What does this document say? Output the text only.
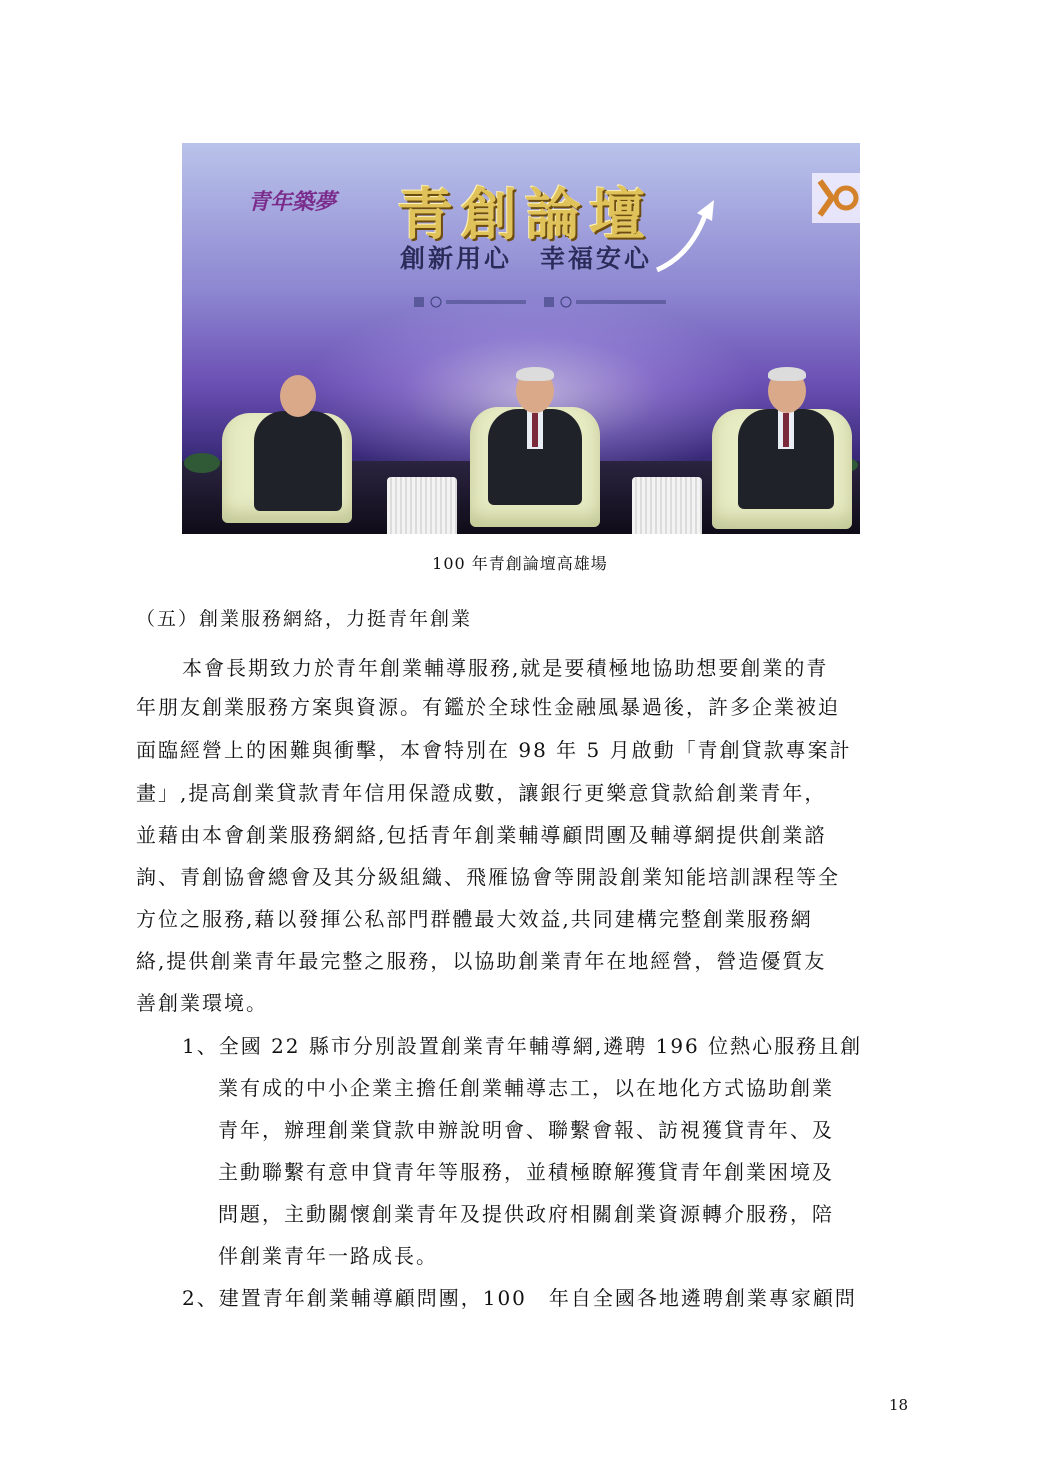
青年築夢 青創論壇
創新用心　幸福安心
100 年青創論壇高雄場
（五）創業服務網絡，力挺青年創業
本會長期致力於青年創業輔導服務,就是要積極地協助想要創業的青
年朋友創業服務方案與資源。有鑑於全球性金融風暴過後，許多企業被迫
面臨經營上的困難與衝擊，本會特別在 98 年 5 月啟動「青創貸款專案計
畫」,提高創業貸款青年信用保證成數，讓銀行更樂意貸款給創業青年，
並藉由本會創業服務網絡,包括青年創業輔導顧問團及輔導網提供創業諮
詢、青創協會總會及其分級組織、飛雁協會等開設創業知能培訓課程等全
方位之服務,藉以發揮公私部門群體最大效益,共同建構完整創業服務網
絡,提供創業青年最完整之服務，以協助創業青年在地經營，營造優質友
善創業環境。
1、全國 22 縣市分別設置創業青年輔導網,遴聘 196 位熱心服務且創
業有成的中小企業主擔任創業輔導志工，以在地化方式協助創業
青年，辦理創業貸款申辦說明會、聯繫會報、訪視獲貸青年、及
主動聯繫有意申貸青年等服務，並積極瞭解獲貸青年創業困境及
問題，主動關懷創業青年及提供政府相關創業資源轉介服務，陪
伴創業青年一路成長。
2、建置青年創業輔導顧問團，100　年自全國各地遴聘創業專家顧問
18
